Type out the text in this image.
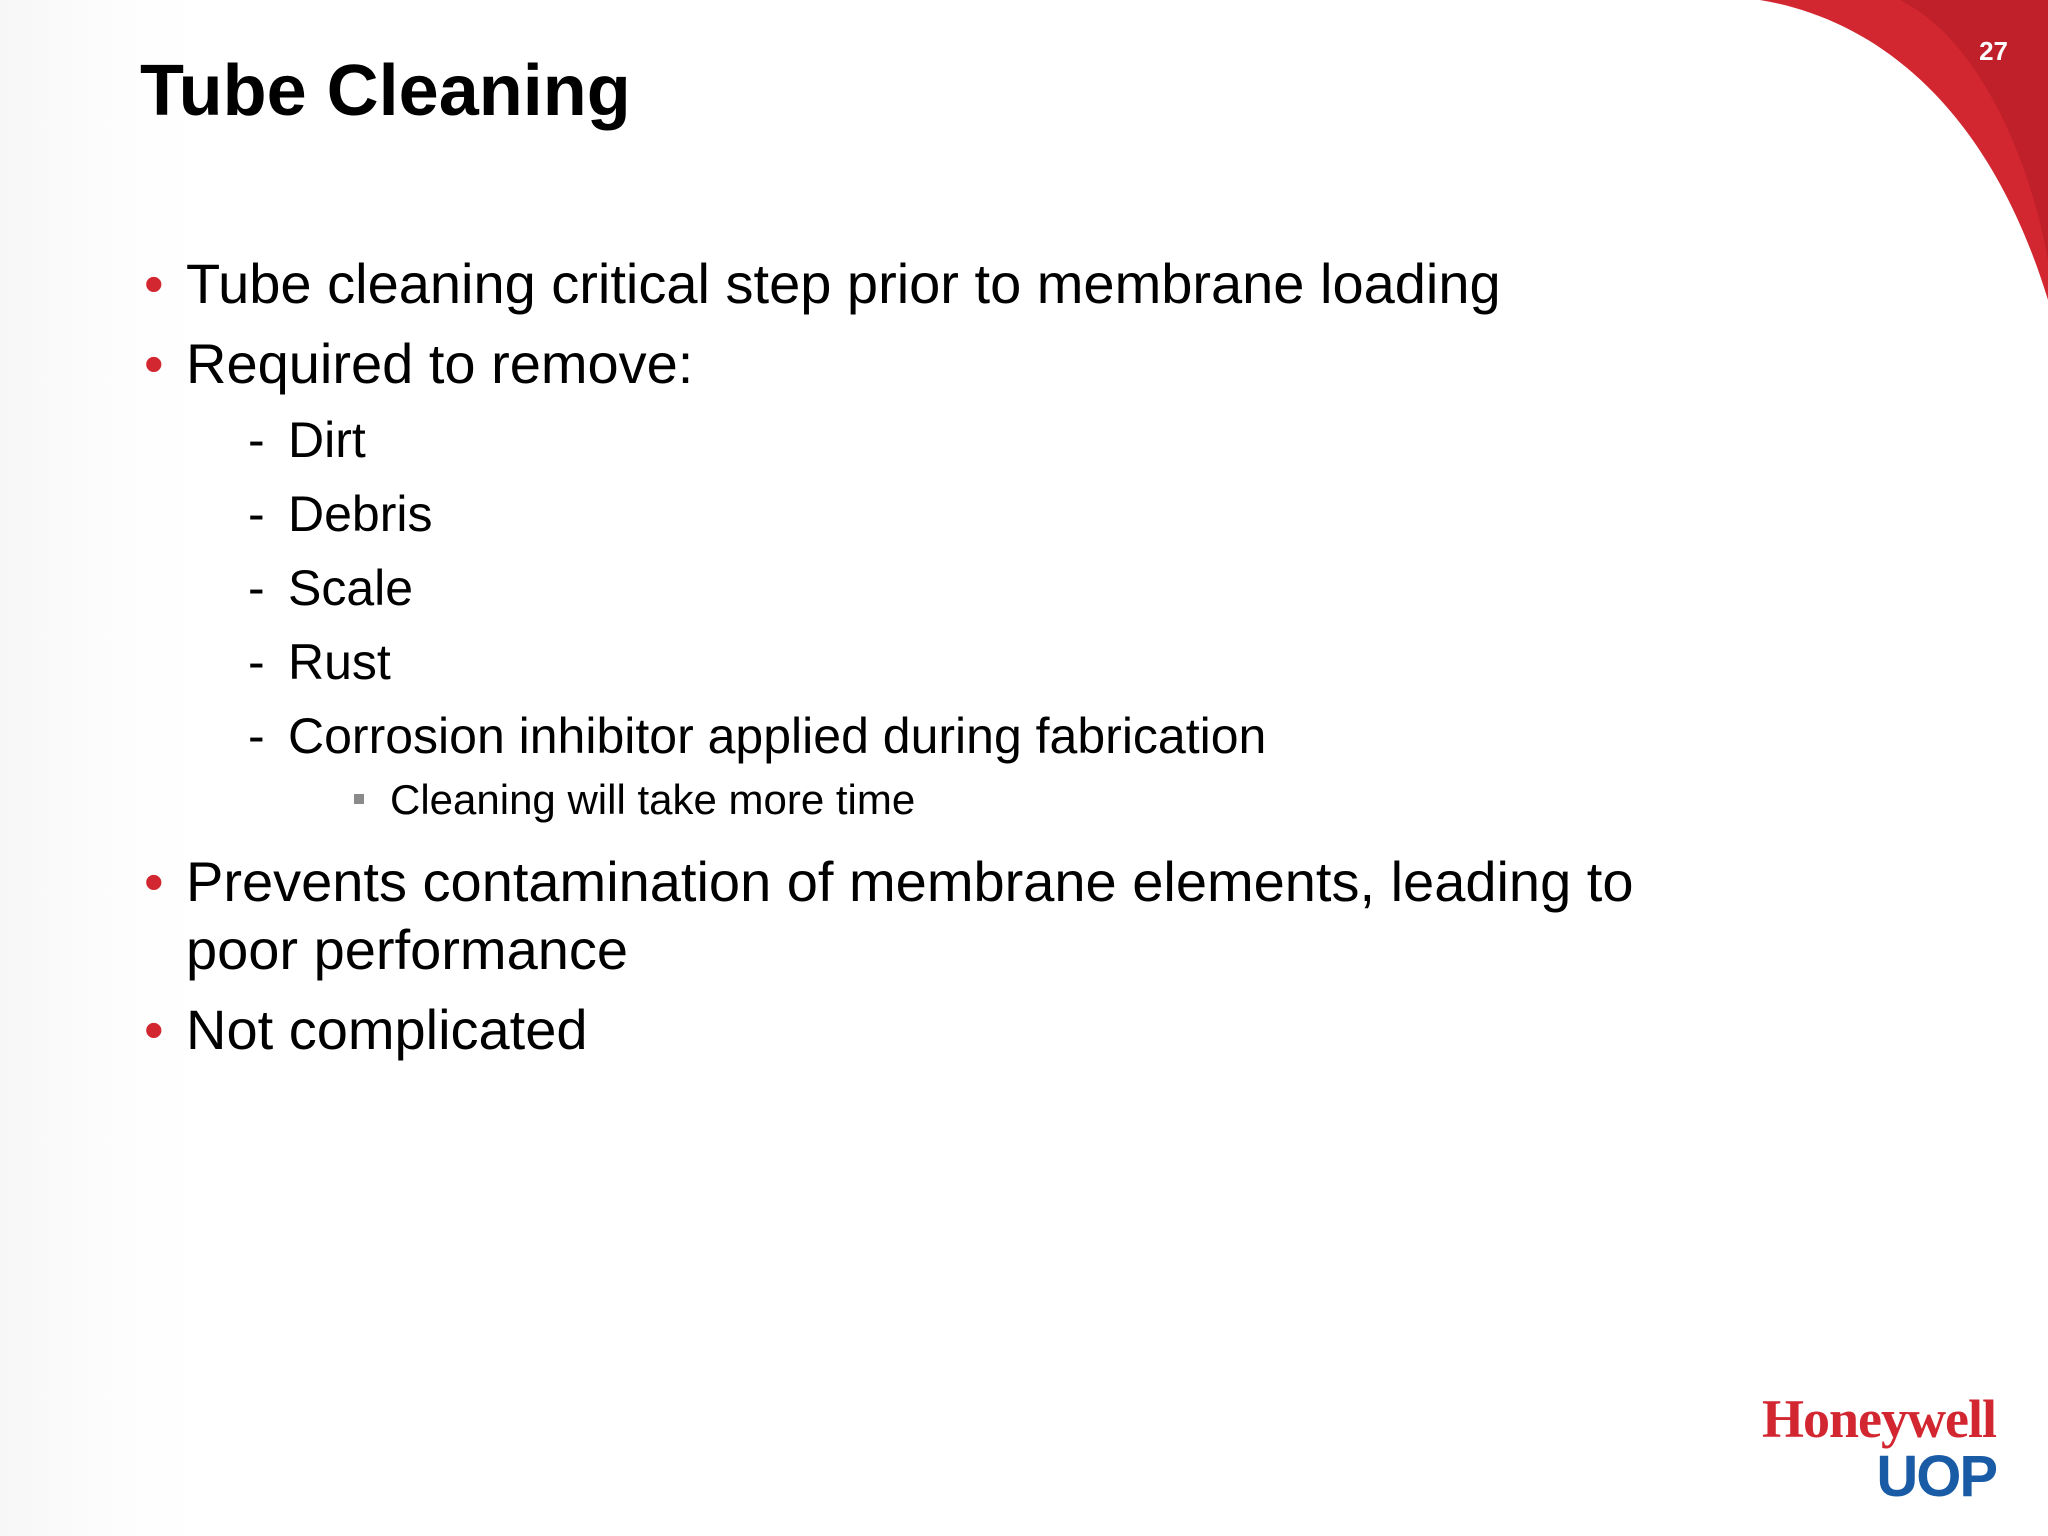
27
Tube Cleaning
• Tube cleaning critical step prior to membrane loading
• Required to remove:
- Dirt
- Debris
- Scale
- Rust
- Corrosion inhibitor applied during fabrication
Cleaning will take more time
• Prevents contamination of membrane elements, leading to poor performance
• Not complicated
Honeywell
UOP
